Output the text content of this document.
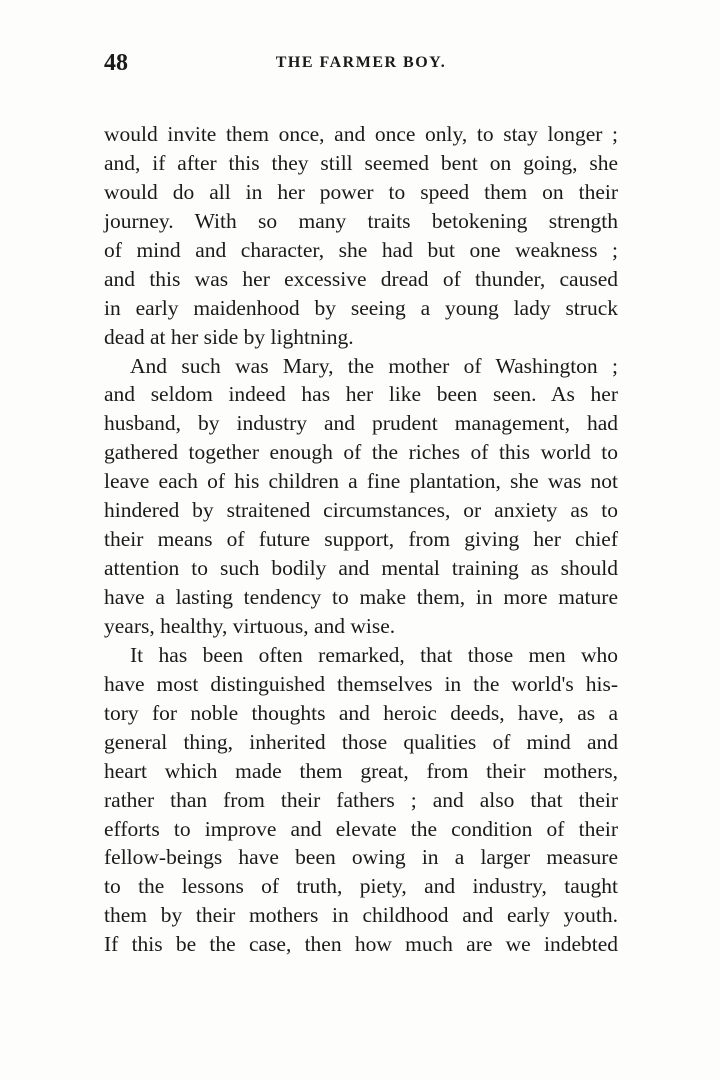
48	THE FARMER BOY.
would invite them once, and once only, to stay longer ;
and, if after this they still seemed bent on going, she
would do all in her power to speed them on their
journey. With so many traits betokening strength
of mind and character, she had but one weakness ;
and this was her excessive dread of thunder, caused
in early maidenhood by seeing a young lady struck
dead at her side by lightning.
And such was Mary, the mother of Washington ;
and seldom indeed has her like been seen. As her
husband, by industry and prudent management, had
gathered together enough of the riches of this world to
leave each of his children a fine plantation, she was not
hindered by straitened circumstances, or anxiety as to
their means of future support, from giving her chief
attention to such bodily and mental training as should
have a lasting tendency to make them, in more mature
years, healthy, virtuous, and wise.
It has been often remarked, that those men who
have most distinguished themselves in the world's his-
tory for noble thoughts and heroic deeds, have, as a
general thing, inherited those qualities of mind and
heart which made them great, from their mothers,
rather than from their fathers ; and also that their
efforts to improve and elevate the condition of their
fellow-beings have been owing in a larger measure
to the lessons of truth, piety, and industry, taught
them by their mothers in childhood and early youth.
If this be the case, then how much are we indebted
